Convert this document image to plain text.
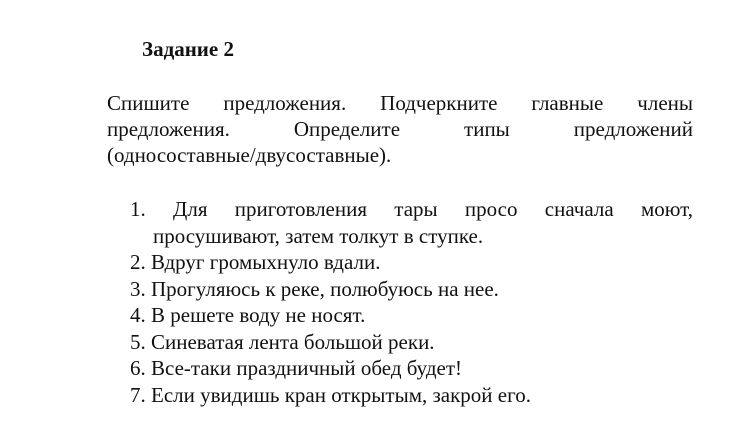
Задание 2
Спишите предложения. Подчеркните главные члены
предложения. Определите типы предложений
(односоставные/двусоставные).
1. Для приготовления тары просо сначала моют,
просушивают, затем толкут в ступке.
2. Вдруг громыхнуло вдали.
3. Прогуляюсь к реке, полюбуюсь на нее.
4. В решете воду не носят.
5. Синеватая лента большой реки.
6. Все-таки праздничный обед будет!
7. Если увидишь кран открытым, закрой его.
